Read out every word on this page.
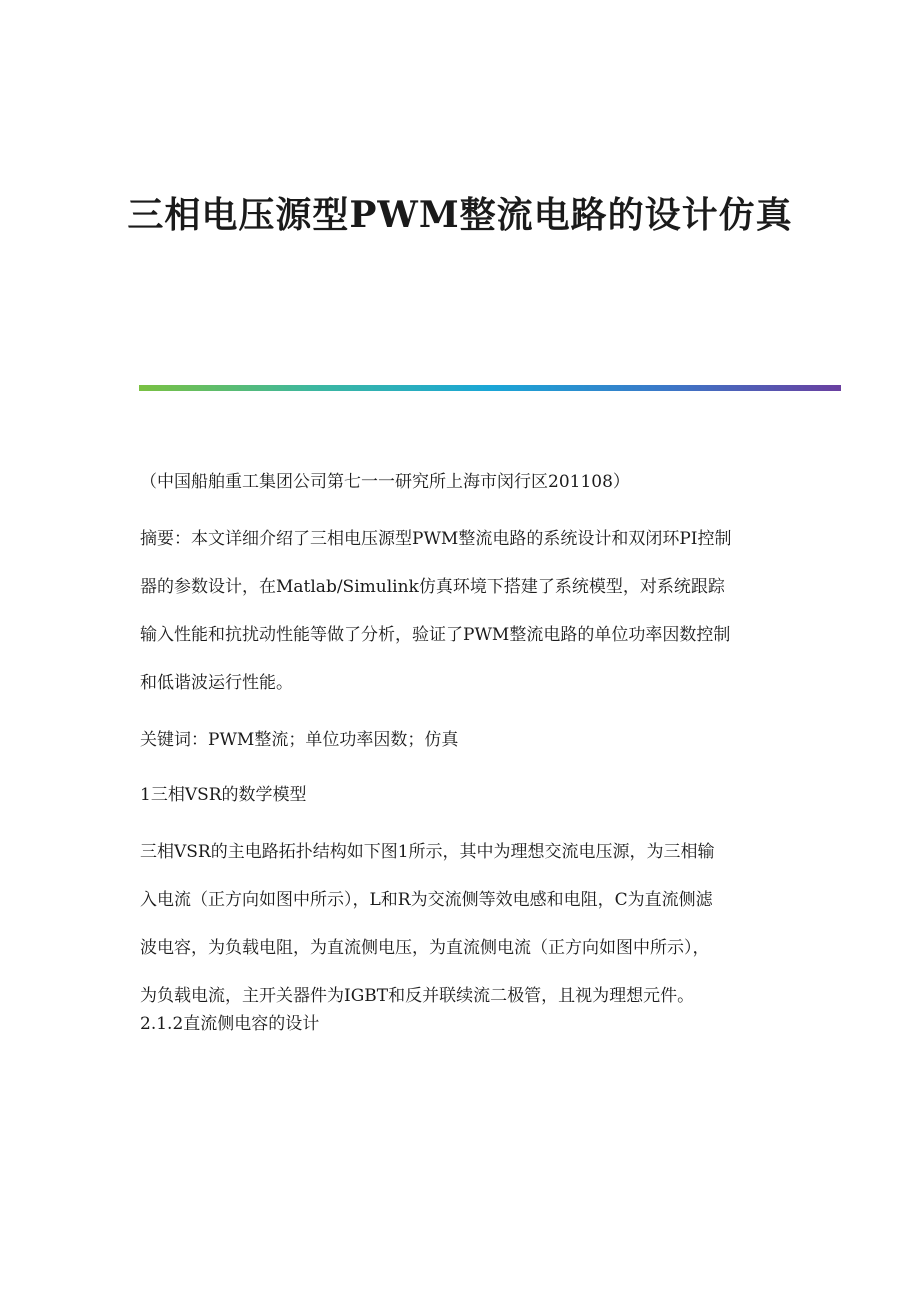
三相电压源型PWM整流电路的设计仿真
（中国船舶重工集团公司第七一一研究所上海市闵行区201108）
摘要：本文详细介绍了三相电压源型PWM整流电路的系统设计和双闭环PI控制
器的参数设计，在Matlab/Simulink仿真环境下搭建了系统模型，对系统跟踪
输入性能和抗扰动性能等做了分析，验证了PWM整流电路的单位功率因数控制
和低谐波运行性能。
关键词：PWM整流；单位功率因数；仿真
1三相VSR的数学模型
三相VSR的主电路拓扑结构如下图1所示，其中为理想交流电压源，为三相输
入电流（正方向如图中所示），L和R为交流侧等效电感和电阻，C为直流侧滤
波电容，为负载电阻，为直流侧电压，为直流侧电流（正方向如图中所示），
为负载电流，主开关器件为IGBT和反并联续流二极管，且视为理想元件。
2.1.2直流侧电容的设计
